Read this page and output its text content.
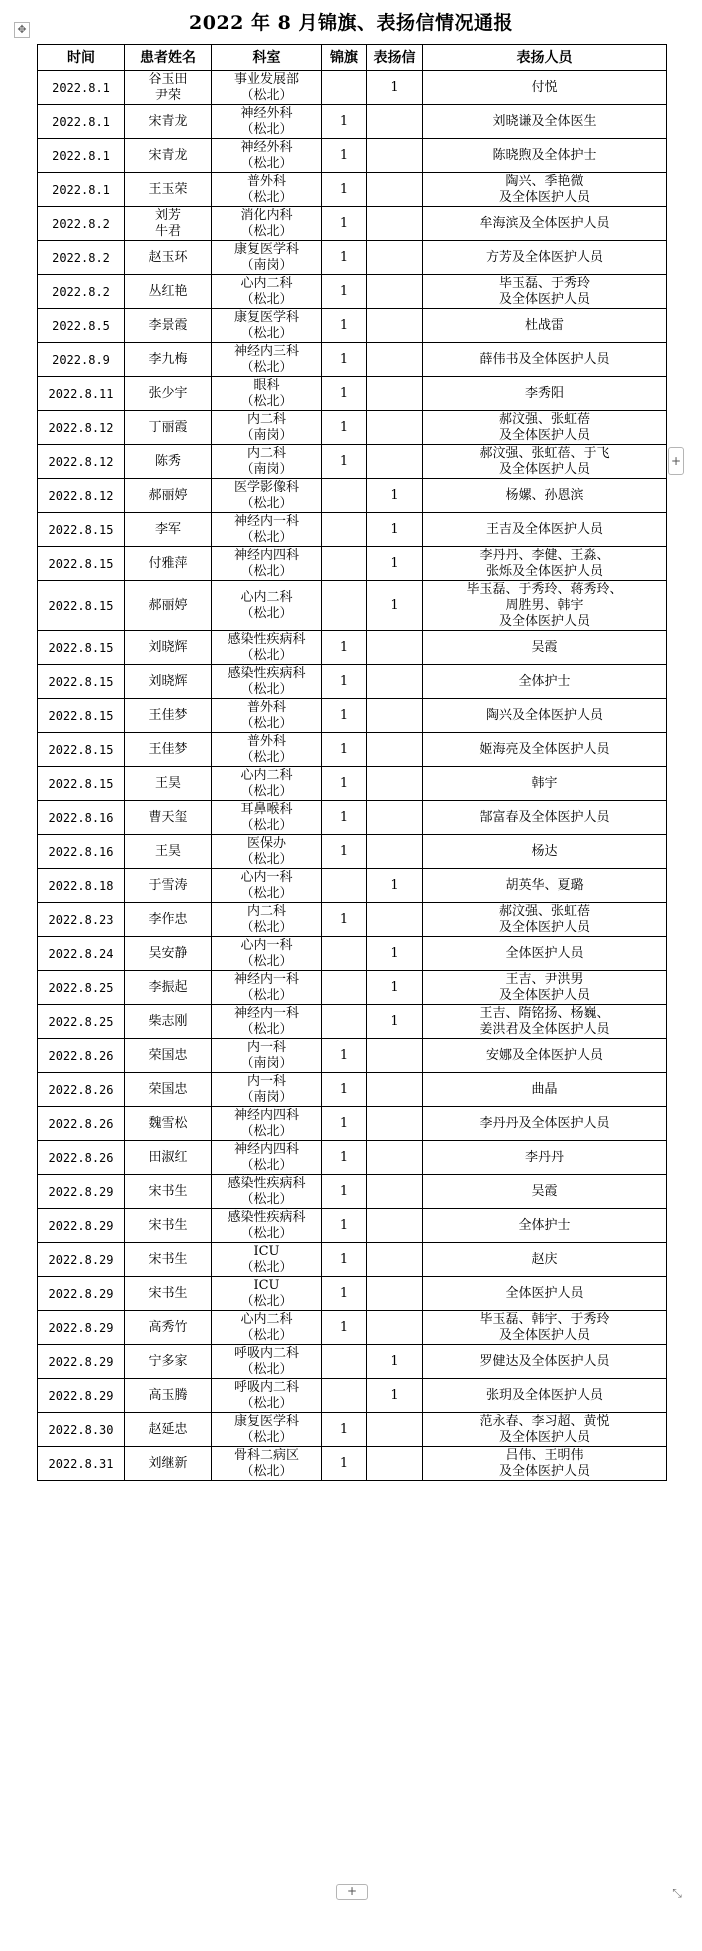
✥	2022 年 8 月锦旗、表扬信情况通报
时间	患者姓名	科室	锦旗	表扬信	表扬人员
2022.8.1	谷玉田
尹荣	事业发展部
（松北）		1	付悦

2022.8.1	宋青龙	神经外科
（松北）	1		刘晓谦及全体医生

2022.8.1	宋青龙	神经外科
（松北）	1		陈晓煦及全体护士

2022.8.1	王玉荣	普外科
（松北）	1		陶兴、季艳微
及全体医护人员

2022.8.2	刘芳
牛君	消化内科
（松北）	1		牟海滨及全体医护人员

2022.8.2	赵玉环	康复医学科
（南岗）	1		方芳及全体医护人员

2022.8.2	丛红艳	心内二科
（松北）	1		毕玉磊、于秀玲
及全体医护人员

2022.8.5	李景霞	康复医学科
（松北）	1		杜战雷

2022.8.9	李九梅	神经内三科
（松北）	1		薛伟书及全体医护人员

2022.8.11	张少宇	眼科
（松北）	1		李秀阳

2022.8.12	丁丽霞	内二科
（南岗）	1		郝汶强、张虹蓓
及全体医护人员

2022.8.12	陈秀	内二科
（南岗）	1		郝汶强、张虹蓓、于飞
及全体医护人员

2022.8.12	郝丽婷	医学影像科
（松北）		1	杨嫘、孙恩滨

2022.8.15	李军	神经内一科
（松北）		1	王吉及全体医护人员

2022.8.15	付雅萍	神经内四科
（松北）		1	李丹丹、李健、王淼、
张烁及全体医护人员

2022.8.15	郝丽婷	心内二科
（松北）		1	毕玉磊、于秀玲、蒋秀玲、
周胜男、韩宇
及全体医护人员

2022.8.15	刘晓辉	感染性疾病科
（松北）	1		吴霞

2022.8.15	刘晓辉	感染性疾病科
（松北）	1		全体护士

2022.8.15	王佳梦	普外科
（松北）	1		陶兴及全体医护人员

2022.8.15	王佳梦	普外科
（松北）	1		姬海亮及全体医护人员

2022.8.15	王昊	心内二科
（松北）	1		韩宇

2022.8.16	曹天玺	耳鼻喉科
（松北）	1		郜富春及全体医护人员

2022.8.16	王昊	医保办
（松北）	1		杨达

2022.8.18	于雪涛	心内一科
（松北）		1	胡英华、夏璐

2022.8.23	李作忠	内二科
（松北）	1		郝汶强、张虹蓓
及全体医护人员

2022.8.24	吴安静	心内一科
（松北）		1	全体医护人员

2022.8.25	李振起	神经内一科
（松北）		1	王吉、尹洪男
及全体医护人员

2022.8.25	柴志刚	神经内一科
（松北）		1	王吉、隋铭扬、杨巍、
姜洪君及全体医护人员

2022.8.26	荣国忠	内一科
（南岗）	1		安娜及全体医护人员

2022.8.26	荣国忠	内一科
（南岗）	1		曲晶

2022.8.26	魏雪松	神经内四科
（松北）	1		李丹丹及全体医护人员

2022.8.26	田淑红	神经内四科
（松北）	1		李丹丹

2022.8.29	宋书生	感染性疾病科
（松北）	1		吴霞

2022.8.29	宋书生	感染性疾病科
（松北）	1		全体护士

2022.8.29	宋书生	ICU
（松北）	1		赵庆

2022.8.29	宋书生	ICU
（松北）	1		全体医护人员

2022.8.29	高秀竹	心内二科
（松北）	1		毕玉磊、韩宇、于秀玲
及全体医护人员

2022.8.29	宁多家	呼吸内二科
（松北）		1	罗健达及全体医护人员

2022.8.29	高玉腾	呼吸内二科
（松北）		1	张玥及全体医护人员

2022.8.30	赵延忠	康复医学科
（松北）	1		范永春、李习超、黄悦
及全体医护人员

2022.8.31	刘继新	骨科二病区
（松北）	1		吕伟、王明伟
及全体医护人员
+
+	⤡
